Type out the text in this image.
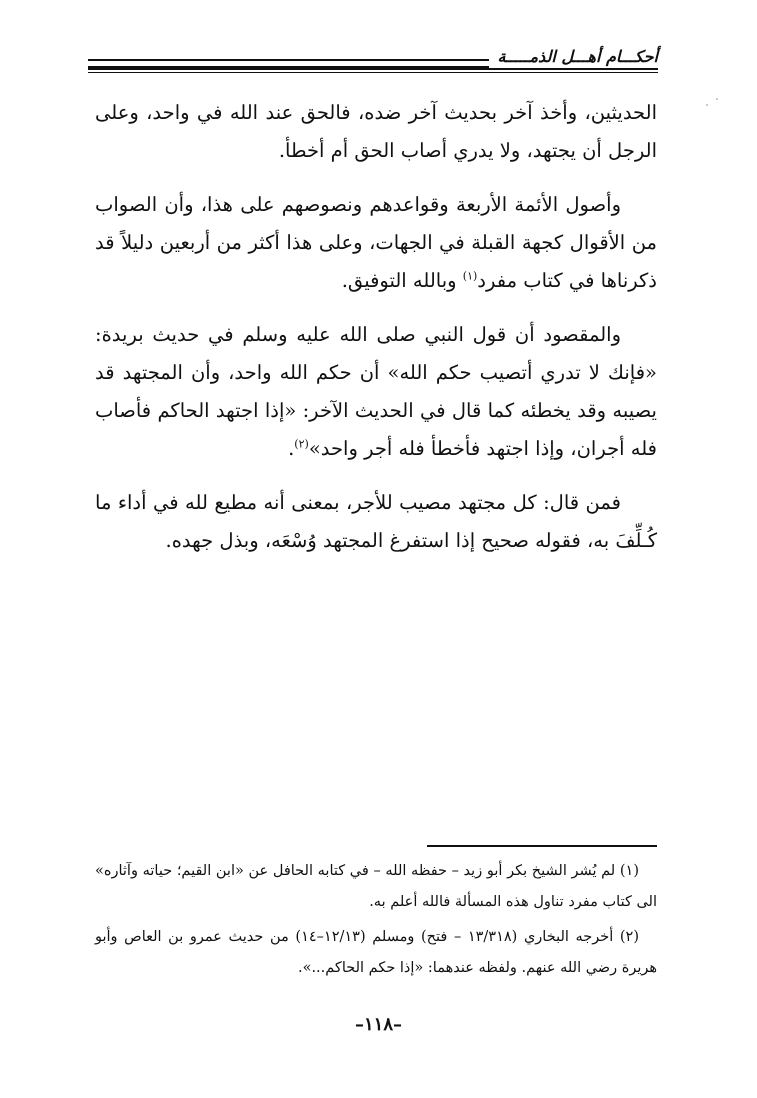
أحكـــام أهـــل الذمـــــة

الحديثين، وأخذ آخر بحديث آخر ضده، فالحق عند الله في واحد، وعلى الرجل أن يجتهد، ولا يدري أصاب الحق أم أخطأ.

وأصول الأئمة الأربعة وقواعدهم ونصوصهم على هذا، وأن الصواب من الأقوال كجهة القبلة في الجهات، وعلى هذا أكثر من أربعين دليلاً قد ذكرناها في كتاب مفرد$^{(١)}$ وبالله التوفيق.

والمقصود أن قول النبي صلى الله عليه وسلم في حديث بريدة: «فإنك لا تدري أتصيب حكم الله» أن حكم الله واحد، وأن المجتهد قد يصيبه وقد يخطئه كما قال في الحديث الآخر: «إذا اجتهد الحاكم فأصاب فله أجران، وإذا اجتهد فأخطأ فله أجر واحد»$^{(٢)}$.

فمن قال: كل مجتهد مصيب للأجر، بمعنى أنه مطيع لله في أداء ما كُـلِّفَ به، فقوله صحيح إذا استفرغ المجتهد وُسْعَه، وبذل جهده.

(١) لم يُشر الشيخ بكر أبو زيد – حفظه الله – في كتابه الحافل عن «ابن القيم؛ حياته وآثاره» الى كتاب مفرد تناول هذه المسألة فالله أعلم به.

(٢) أخرجه البخاري (١٣/٣١٨ – فتح) ومسلم (١٢/١٣–١٤) من حديث عمرو بن العاص وأبو هريرة رضي الله عنهم. ولفظه عندهما: «إذا حكم الحاكم...».

–١١٨–
